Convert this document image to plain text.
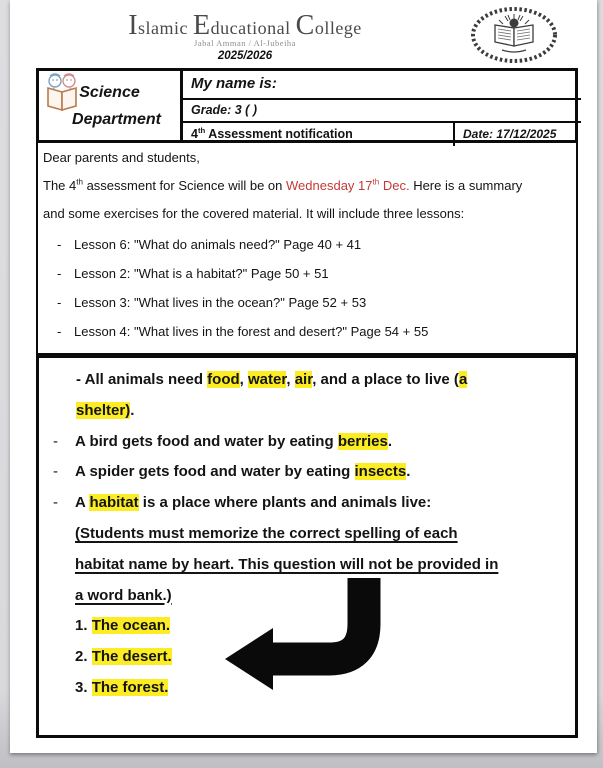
Islamic Educational College
Jabal Amman / Al-Jubeiha
2025/2026
Science
Department
My name is:
Grade: 3 ( )
4th Assessment notification	Date: 17/12/2025
Dear parents and students,
The 4th assessment for Science will be on Wednesday 17th Dec. Here is a summary
and some exercises for the covered material. It will include three lessons:
- Lesson 6: "What do animals need?" Page 40 + 41
- Lesson 2: "What is a habitat?" Page 50 + 51
- Lesson 3: "What lives in the ocean?" Page 52 + 53
- Lesson 4: "What lives in the forest and desert?" Page 54 + 55
- All animals need food, water, air, and a place to live (a
shelter).
- A bird gets food and water by eating berries.
- A spider gets food and water by eating insects.
- A habitat is a place where plants and animals live:
(Students must memorize the correct spelling of each
habitat name by heart. This question will not be provided in
a word bank.)
1. The ocean.
2. The desert.
3. The forest.
